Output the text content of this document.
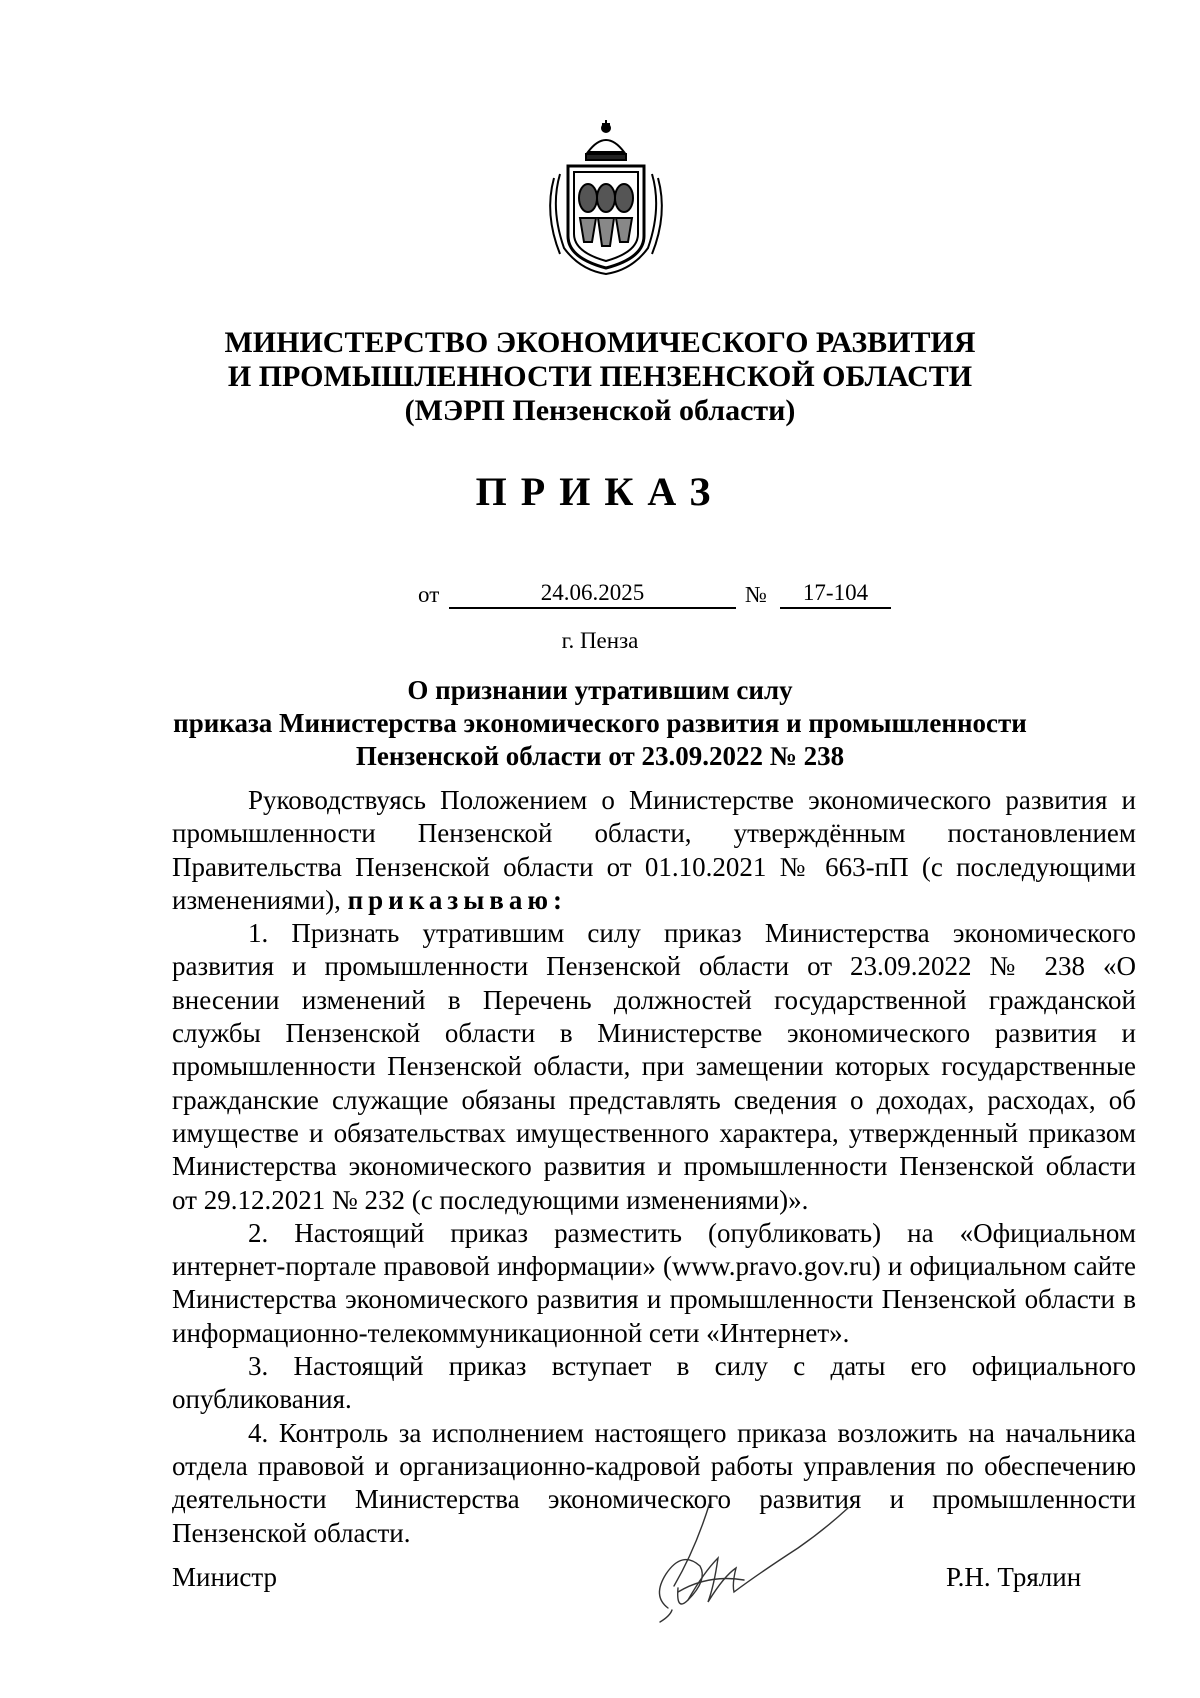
МИНИСТЕРСТВО ЭКОНОМИЧЕСКОГО РАЗВИТИЯ
И ПРОМЫШЛЕННОСТИ ПЕНЗЕНСКОЙ ОБЛАСТИ
(МЭРП Пензенской области)
ПРИКАЗ
от	24.06.2025	№	17-104
г. Пенза
О признании утратившим силу
приказа Министерства экономического развития и промышленности
Пензенской области от 23.09.2022 № 238

Руководствуясь Положением о Министерстве экономического развития и промышленности Пензенской области, утверждённым постановлением Правительства Пензенской области от 01.10.2021 № 663-пП (с последующими изменениями), приказываю:

1. Признать утратившим силу приказ Министерства экономического развития и промышленности Пензенской области от 23.09.2022 № 238 «О внесении изменений в Перечень должностей государственной гражданской службы Пензенской области в Министерстве экономического развития и промышленности Пензенской области, при замещении которых государственные гражданские служащие обязаны представлять сведения о доходах, расходах, об имуществе и обязательствах имущественного характера, утвержденный приказом Министерства экономического развития и промышленности Пензенской области от 29.12.2021 № 232 (с последующими изменениями)».

2. Настоящий приказ разместить (опубликовать) на «Официальном интернет-портале правовой информации» (www.pravo.gov.ru) и официальном сайте Министерства экономического развития и промышленности Пензенской области в информационно-телекоммуникационной сети «Интернет».

3. Настоящий приказ вступает в силу с даты его официального опубликования.

4. Контроль за исполнением настоящего приказа возложить на начальника отдела правовой и организационно-кадровой работы управления по обеспечению деятельности Министерства экономического развития и промышленности Пензенской области.

Министр	Р.Н. Трялин
